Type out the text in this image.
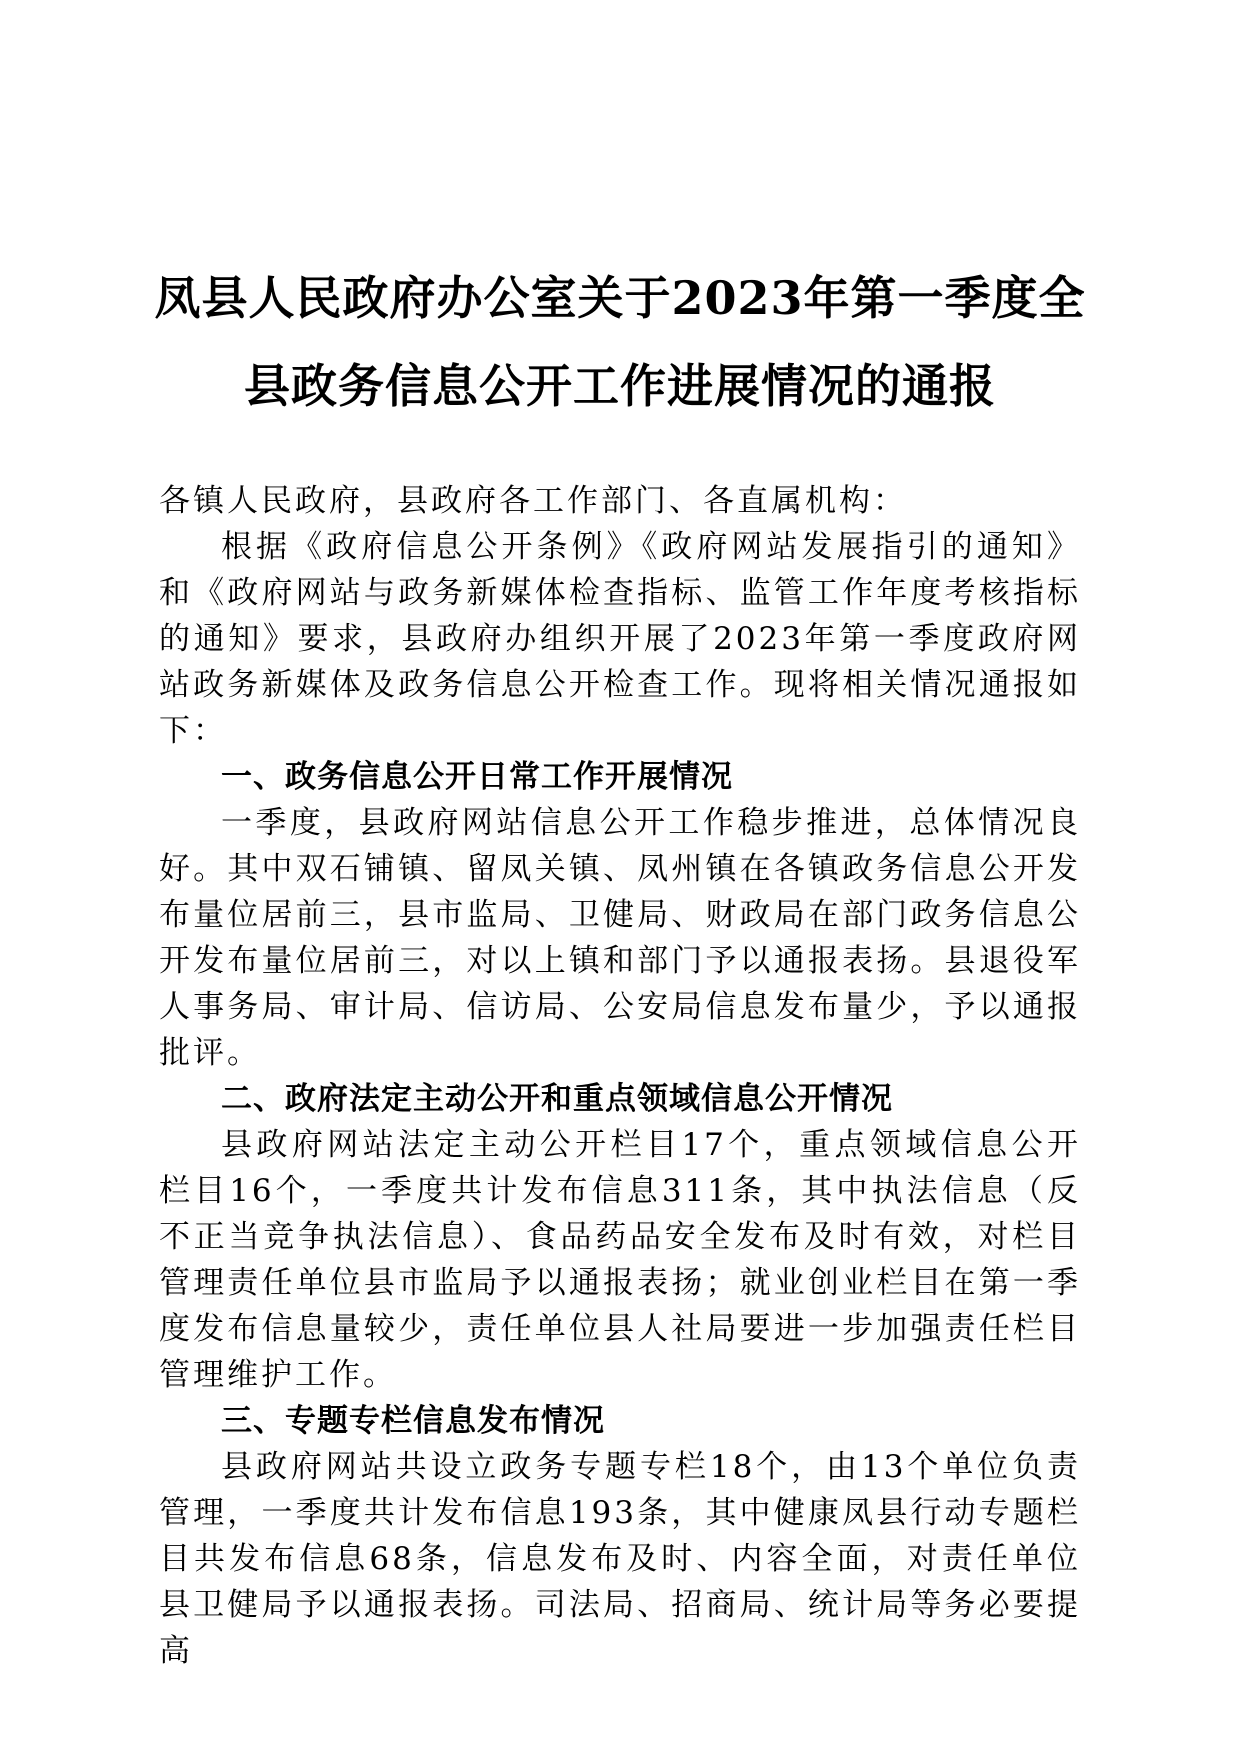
凤县人民政府办公室关于2023年第一季度全
县政务信息公开工作进展情况的通报

各镇人民政府，县政府各工作部门、各直属机构：

根据《政府信息公开条例》《政府网站发展指引的通知》和《政府网站与政务新媒体检查指标、监管工作年度考核指标的通知》要求，县政府办组织开展了2023年第一季度政府网站政务新媒体及政务信息公开检查工作。现将相关情况通报如下：

一、政务信息公开日常工作开展情况

一季度，县政府网站信息公开工作稳步推进，总体情况良好。其中双石铺镇、留凤关镇、凤州镇在各镇政务信息公开发布量位居前三，县市监局、卫健局、财政局在部门政务信息公开发布量位居前三，对以上镇和部门予以通报表扬。县退役军人事务局、审计局、信访局、公安局信息发布量少，予以通报批评。

二、政府法定主动公开和重点领域信息公开情况

县政府网站法定主动公开栏目17个，重点领域信息公开栏目16个，一季度共计发布信息311条，其中执法信息（反不正当竞争执法信息）、食品药品安全发布及时有效，对栏目管理责任单位县市监局予以通报表扬；就业创业栏目在第一季度发布信息量较少，责任单位县人社局要进一步加强责任栏目管理维护工作。

三、专题专栏信息发布情况

县政府网站共设立政务专题专栏18个，由13个单位负责管理，一季度共计发布信息193条，其中健康凤县行动专题栏目共发布信息68条，信息发布及时、内容全面，对责任单位县卫健局予以通报表扬。司法局、招商局、统计局等务必要提高
